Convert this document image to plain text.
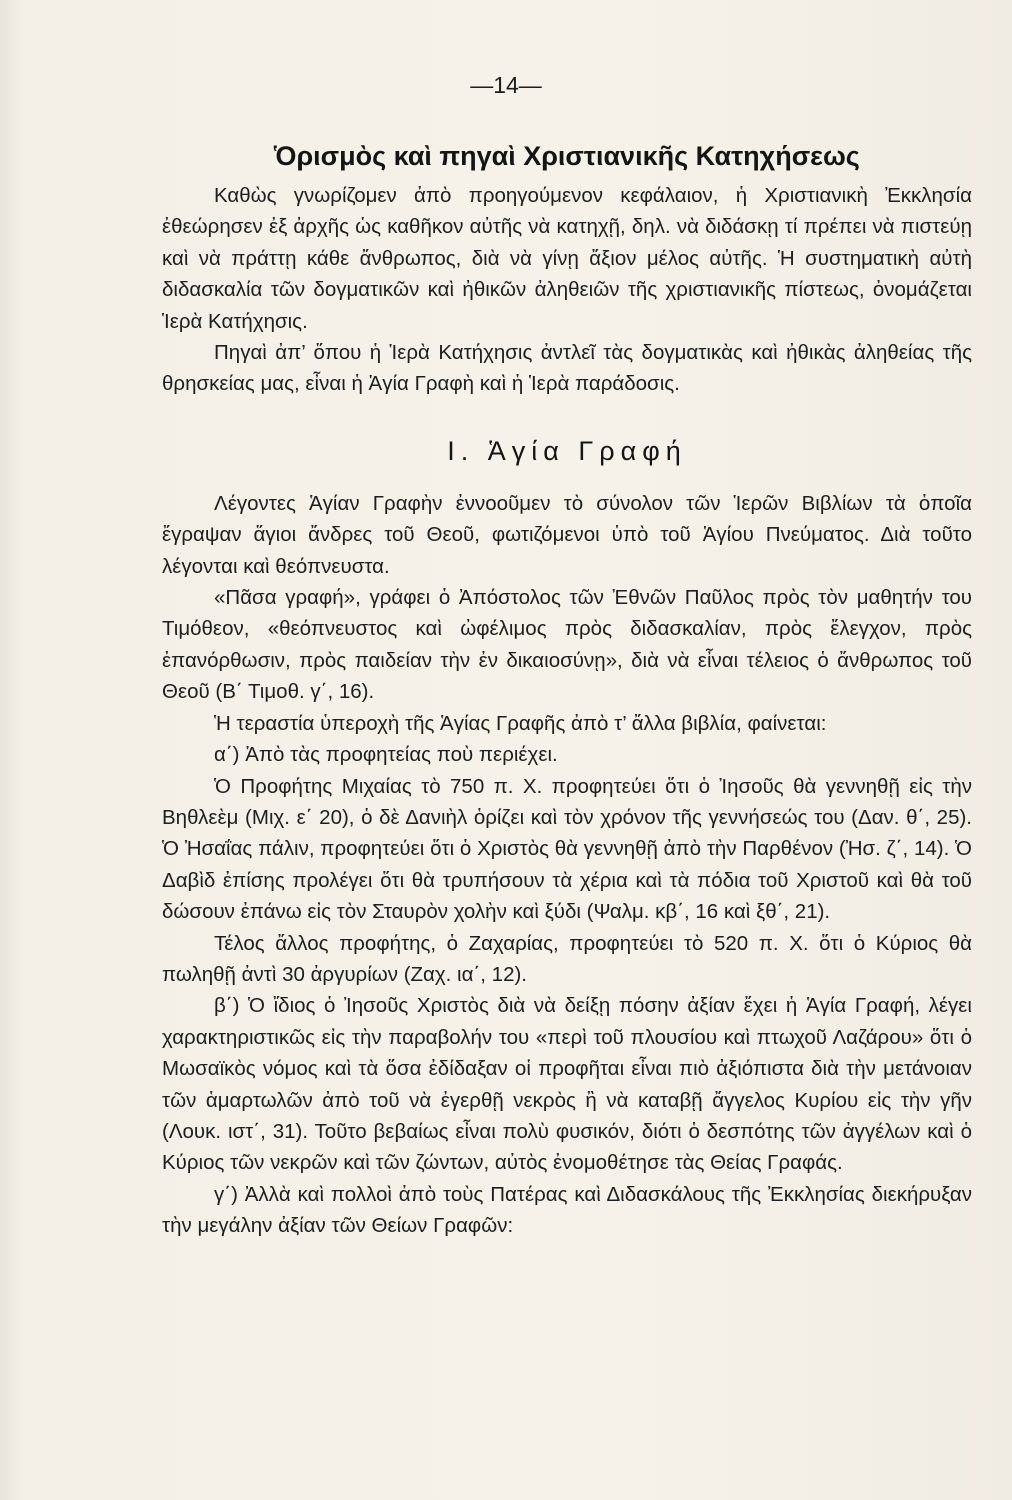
—14—
Ὁρισμὸς καὶ πηγαὶ Χριστιανικῆς Κατηχήσεως

Καθὼς γνωρίζομεν ἀπὸ προηγούμενον κεφάλαιον, ἡ Χριστιανικὴ Ἐκκλησία ἐθεώρησεν ἐξ ἀρχῆς ὡς καθῆκον αὐτῆς νὰ κατηχῇ, δηλ. νὰ διδάσκῃ τί πρέπει νὰ πιστεύῃ καὶ νὰ πράττῃ κάθε ἄνθρωπος, διὰ νὰ γίνῃ ἄξιον μέλος αὐτῆς. Ἡ συστηματικὴ αὐτὴ διδασκαλία τῶν δογματικῶν καὶ ἠθικῶν ἀληθειῶν τῆς χριστιανικῆς πίστεως, ὀνομάζεται Ἱερὰ Κατήχησις.

Πηγαὶ ἀπ’ ὅπου ἡ Ἱερὰ Κατήχησις ἀντλεῖ τὰς δογματικὰς καὶ ἠθικὰς ἀληθείας τῆς θρησκείας μας, εἶναι ἡ Ἁγία Γραφὴ καὶ ἡ Ἱερὰ παράδοσις.

I. Ἁγία Γραφή

Λέγοντες Ἁγίαν Γραφὴν ἐννοοῦμεν τὸ σύνολον τῶν Ἱερῶν Βιβλίων τὰ ὁποῖα ἔγραψαν ἅγιοι ἄνδρες τοῦ Θεοῦ, φωτιζόμενοι ὑπὸ τοῦ Ἁγίου Πνεύματος. Διὰ τοῦτο λέγονται καὶ θεόπνευστα.

«Πᾶσα γραφή», γράφει ὁ Ἀπόστολος τῶν Ἐθνῶν Παῦλος πρὸς τὸν μαθητήν του Τιμόθεον, «θεόπνευστος καὶ ὠφέλιμος πρὸς διδασκαλίαν, πρὸς ἔλεγχον, πρὸς ἐπανόρθωσιν, πρὸς παιδείαν τὴν ἐν δικαιοσύνῃ», διὰ νὰ εἶναι τέλειος ὁ ἄνθρωπος τοῦ Θεοῦ (Β΄ Τιμοθ. γ΄, 16).

Ἡ τεραστία ὑπεροχὴ τῆς Ἁγίας Γραφῆς ἀπὸ τ’ ἄλλα βιβλία, φαίνεται:

α΄) Ἀπὸ τὰς προφητείας ποὺ περιέχει.

Ὁ Προφήτης Μιχαίας τὸ 750 π. Χ. προφητεύει ὅτι ὁ Ἰησοῦς θὰ γεννηθῇ εἰς τὴν Βηθλεὲμ (Μιχ. ε΄ 20), ὁ δὲ Δανιὴλ ὁρίζει καὶ τὸν χρόνον τῆς γεννήσεώς του (Δαν. θ΄, 25). Ὁ Ἠσαΐας πάλιν, προφητεύει ὅτι ὁ Χριστὸς θὰ γεννηθῇ ἀπὸ τὴν Παρθένον (Ἠσ. ζ΄, 14). Ὁ Δαβὶδ ἐπίσης προλέγει ὅτι θὰ τρυπήσουν τὰ χέρια καὶ τὰ πόδια τοῦ Χριστοῦ καὶ θὰ τοῦ δώσουν ἐπάνω εἰς τὸν Σταυρὸν χολὴν καὶ ξύδι (Ψαλμ. κβ΄, 16 καὶ ξθ΄, 21).

Τέλος ἄλλος προφήτης, ὁ Ζαχαρίας, προφητεύει τὸ 520 π. Χ. ὅτι ὁ Κύριος θὰ πωληθῇ ἀντὶ 30 ἀργυρίων (Ζαχ. ια΄, 12).

β΄) Ὁ ἴδιος ὁ Ἰησοῦς Χριστὸς διὰ νὰ δείξῃ πόσην ἀξίαν ἔχει ἡ Ἁγία Γραφή, λέγει χαρακτηριστικῶς εἰς τὴν παραβολήν του «περὶ τοῦ πλουσίου καὶ πτωχοῦ Λαζάρου» ὅτι ὁ Μωσαϊκὸς νόμος καὶ τὰ ὅσα ἐδίδαξαν οἱ προφῆται εἶναι πιὸ ἀξιόπιστα διὰ τὴν μετάνοιαν τῶν ἁμαρτωλῶν ἀπὸ τοῦ νὰ ἐγερθῇ νεκρὸς ἢ νὰ καταβῇ ἄγγελος Κυρίου εἰς τὴν γῆν (Λουκ. ιστ΄, 31). Τοῦτο βεβαίως εἶναι πολὺ φυσικόν, διότι ὁ δεσπότης τῶν ἀγγέλων καὶ ὁ Κύριος τῶν νεκρῶν καὶ τῶν ζώντων, αὐτὸς ἐνομοθέτησε τὰς Θείας Γραφάς.

γ΄) Ἀλλὰ καὶ πολλοὶ ἀπὸ τοὺς Πατέρας καὶ Διδασκάλους τῆς Ἐκκλησίας διεκήρυξαν τὴν μεγάλην ἀξίαν τῶν Θείων Γραφῶν:
